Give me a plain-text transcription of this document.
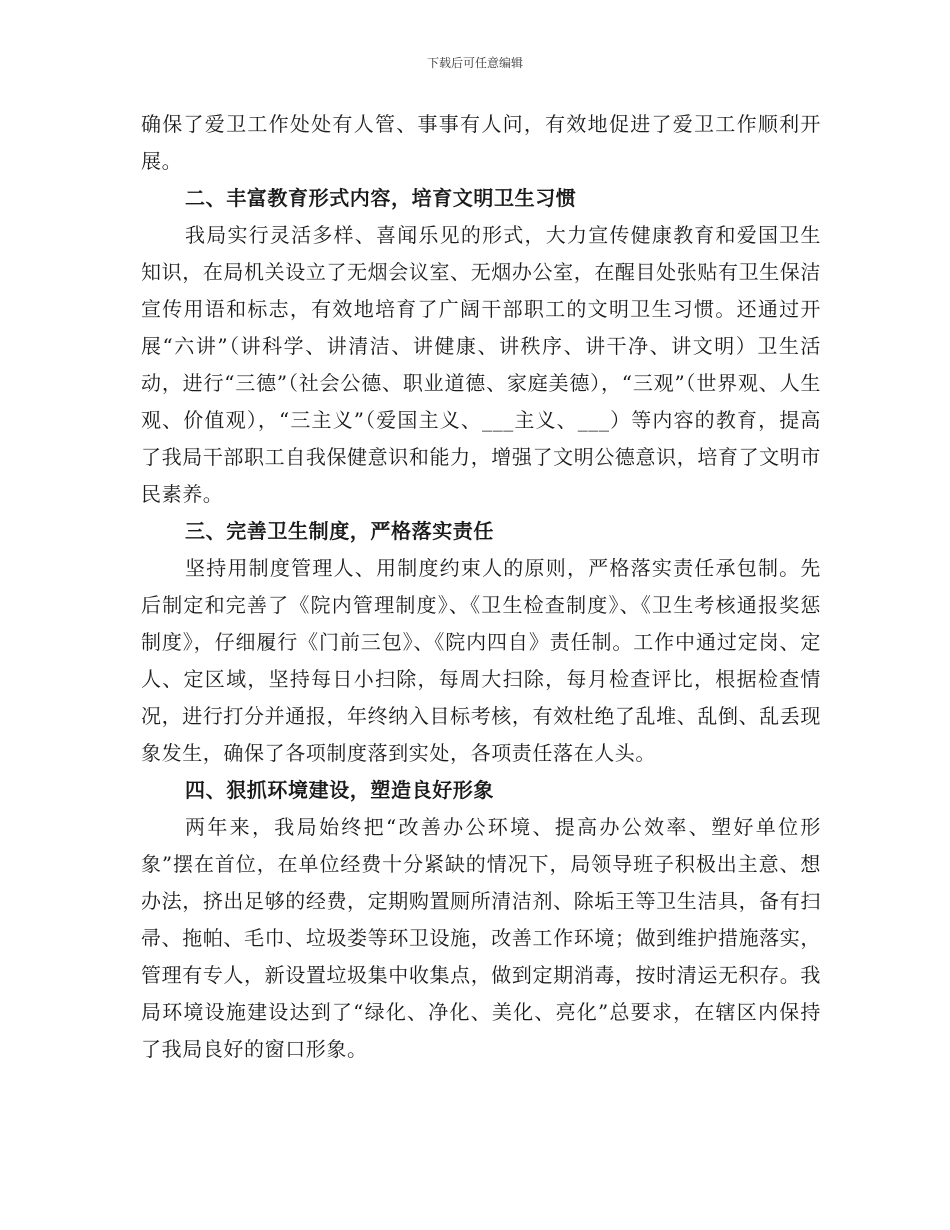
下载后可任意编辑

确保了爱卫工作处处有人管、事事有人问，有效地促进了爱卫工作顺利开展。

二、丰富教育形式内容，培育文明卫生习惯

我局实行灵活多样、喜闻乐见的形式，大力宣传健康教育和爱国卫生知识，在局机关设立了无烟会议室、无烟办公室，在醒目处张贴有卫生保洁宣传用语和标志，有效地培育了广阔干部职工的文明卫生习惯。还通过开展“六讲”（讲科学、讲清洁、讲健康、讲秩序、讲干净、讲文明）卫生活动，进行“三德”（社会公德、职业道德、家庭美德），“三观”（世界观、人生观、价值观），“三主义”（爱国主义、___主义、___）等内容的教育，提高了我局干部职工自我保健意识和能力，增强了文明公德意识，培育了文明市民素养。

三、完善卫生制度，严格落实责任

坚持用制度管理人、用制度约束人的原则，严格落实责任承包制。先后制定和完善了《院内管理制度》、《卫生检查制度》、《卫生考核通报奖惩制度》，仔细履行《门前三包》、《院内四自》责任制。工作中通过定岗、定人、定区域，坚持每日小扫除，每周大扫除，每月检查评比，根据检查情况，进行打分并通报，年终纳入目标考核，有效杜绝了乱堆、乱倒、乱丢现象发生，确保了各项制度落到实处，各项责任落在人头。

四、狠抓环境建设，塑造良好形象

两年来，我局始终把“改善办公环境、提高办公效率、塑好单位形象”摆在首位，在单位经费十分紧缺的情况下，局领导班子积极出主意、想办法，挤出足够的经费，定期购置厕所清洁剂、除垢王等卫生洁具，备有扫帚、拖帕、毛巾、垃圾娄等环卫设施，改善工作环境；做到维护措施落实，管理有专人，新设置垃圾集中收集点，做到定期消毒，按时清运无积存。我局环境设施建设达到了“绿化、净化、美化、亮化”总要求，在辖区内保持了我局良好的窗口形象。
